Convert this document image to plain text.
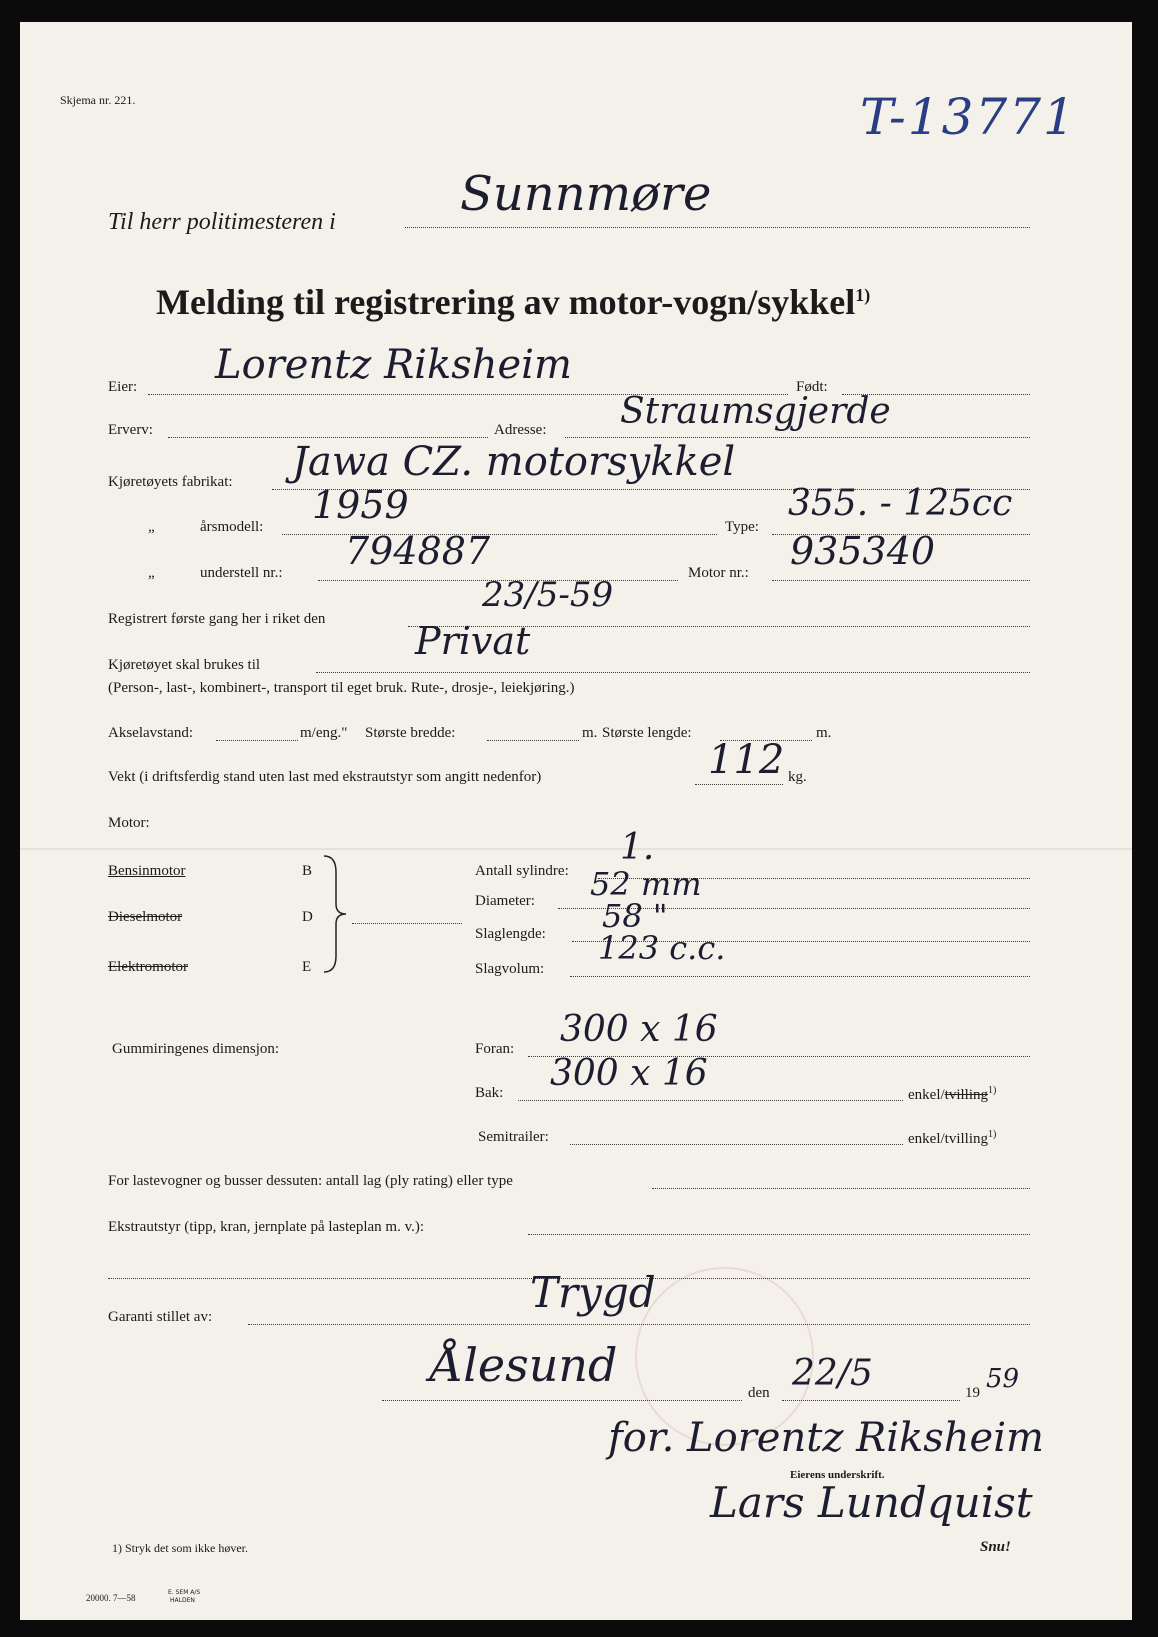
Skjema nr. 221.	T-13771
Til herr politimesteren i	Sunnmøre
Melding til registrering av motor-vogn/sykkel$^{1)}$
Eier: Lorentz Riksheim	Født:
Erverv:	Adresse: Straumsgjerde
Kjøretøyets fabrikat: Jawa CZ. motorsykkel
„	årsmodell: 1959	Type:
355. - 125cc
„	understell nr.: 794887	Motor nr.: 935340
Registrert første gang her i riket den
23/5-59
Kjøretøyet skal brukes til
Privat
(Person-, last-, kombinert-, transport til eget bruk. Rute-, drosje-, leiekjøring.)
Akselavstand:	m/eng." Største bredde:	m. Største lengde:	m.
Vekt (i driftsferdig stand uten last med ekstrautstyr som angitt nedenfor)	112 kg.
Motor:
Bensinmotor	B
Dieselmotor	D
Elektromotor	E
Antall sylindre:
1.
Diameter: 52 mm
Slaglengde: 58 "
Slagvolum:
123 c.c.
Gummiringenes dimensjon:	Foran: 300 x 16
Bak: 300 x 16
enkel/tvilling$^{1)}$
Semitrailer:	enkel/tvilling$^{1)}$
For lastevogner og busser dessuten: antall lag (ply rating) eller type
Ekstrautstyr (tipp, kran, jernplate på lasteplan m. v.):
Garanti stillet av:	Trygd
Ålesund
den 22/5	19 59
for. Lorentz Riksheim
Eierens underskrift.
Lars Lundquist
1) Stryk det som ikke høver.	Snu!
20000. 7—58
E. SEM A/S
HALDEN
